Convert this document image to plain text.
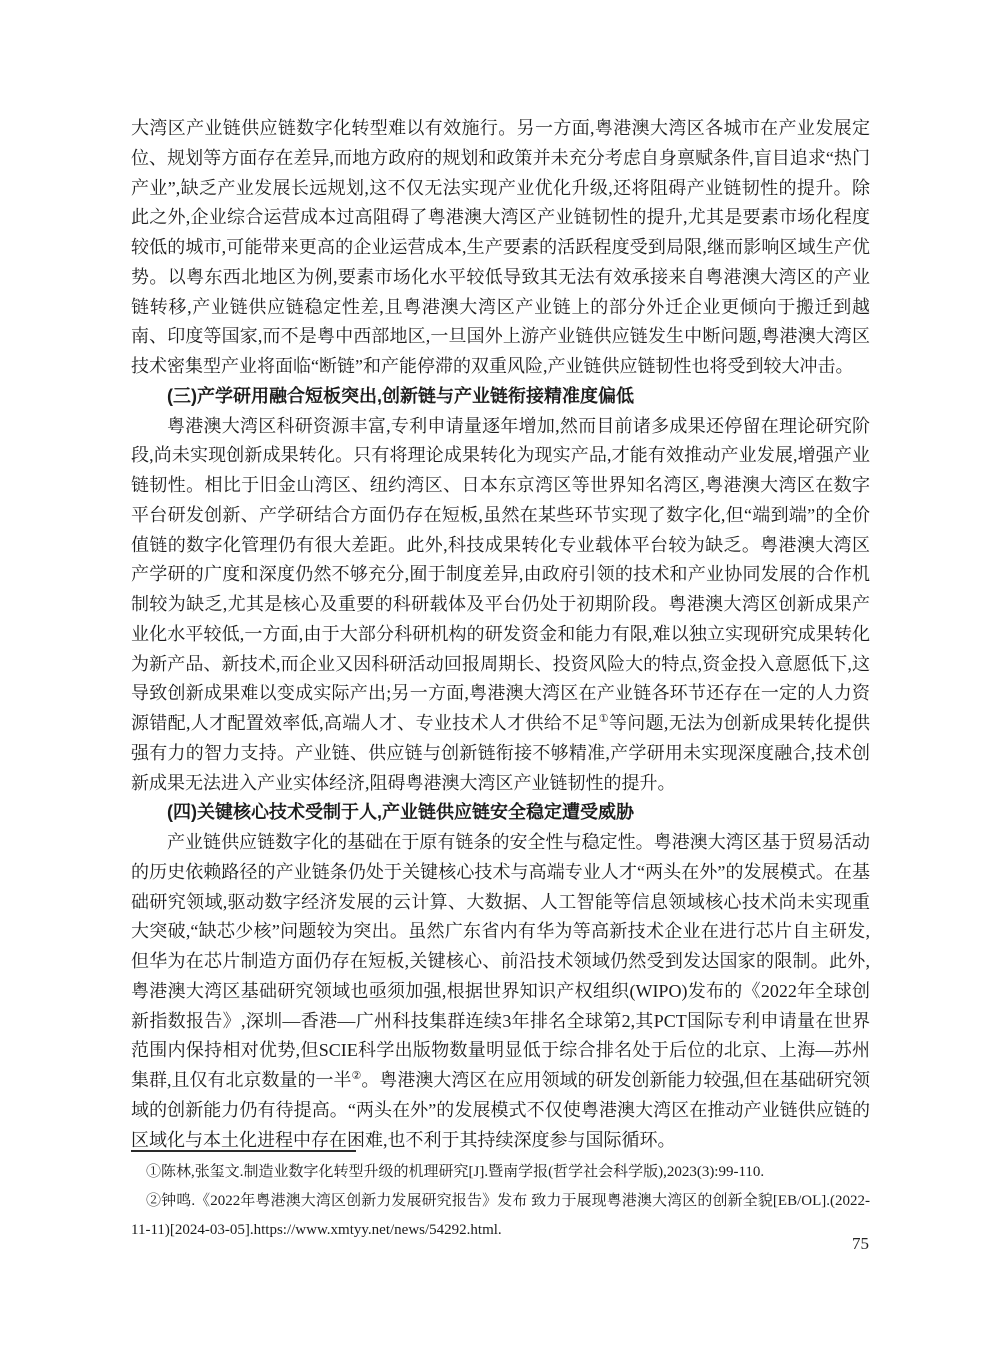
大湾区产业链供应链数字化转型难以有效施行。另一方面,粤港澳大湾区各城市在产业发展定位、规划等方面存在差异,而地方政府的规划和政策并未充分考虑自身禀赋条件,盲目追求“热门产业”,缺乏产业发展长远规划,这不仅无法实现产业优化升级,还将阻碍产业链韧性的提升。除此之外,企业综合运营成本过高阻碍了粤港澳大湾区产业链韧性的提升,尤其是要素市场化程度较低的城市,可能带来更高的企业运营成本,生产要素的活跃程度受到局限,继而影响区域生产优势。以粤东西北地区为例,要素市场化水平较低导致其无法有效承接来自粤港澳大湾区的产业链转移,产业链供应链稳定性差,且粤港澳大湾区产业链上的部分外迁企业更倾向于搬迁到越南、印度等国家,而不是粤中西部地区,一旦国外上游产业链供应链发生中断问题,粤港澳大湾区技术密集型产业将面临“断链”和产能停滞的双重风险,产业链供应链韧性也将受到较大冲击。

(三)产学研用融合短板突出,创新链与产业链衔接精准度偏低

粤港澳大湾区科研资源丰富,专利申请量逐年增加,然而目前诸多成果还停留在理论研究阶段,尚未实现创新成果转化。只有将理论成果转化为现实产品,才能有效推动产业发展,增强产业链韧性。相比于旧金山湾区、纽约湾区、日本东京湾区等世界知名湾区,粤港澳大湾区在数字平台研发创新、产学研结合方面仍存在短板,虽然在某些环节实现了数字化,但“端到端”的全价值链的数字化管理仍有很大差距。此外,科技成果转化专业载体平台较为缺乏。粤港澳大湾区产学研的广度和深度仍然不够充分,囿于制度差异,由政府引领的技术和产业协同发展的合作机制较为缺乏,尤其是核心及重要的科研载体及平台仍处于初期阶段。粤港澳大湾区创新成果产业化水平较低,一方面,由于大部分科研机构的研发资金和能力有限,难以独立实现研究成果转化为新产品、新技术,而企业又因科研活动回报周期长、投资风险大的特点,资金投入意愿低下,这导致创新成果难以变成实际产出;另一方面,粤港澳大湾区在产业链各环节还存在一定的人力资源错配,人才配置效率低,高端人才、专业技术人才供给不足①等问题,无法为创新成果转化提供强有力的智力支持。产业链、供应链与创新链衔接不够精准,产学研用未实现深度融合,技术创新成果无法进入产业实体经济,阻碍粤港澳大湾区产业链韧性的提升。

(四)关键核心技术受制于人,产业链供应链安全稳定遭受威胁

产业链供应链数字化的基础在于原有链条的安全性与稳定性。粤港澳大湾区基于贸易活动的历史依赖路径的产业链条仍处于关键核心技术与高端专业人才“两头在外”的发展模式。在基础研究领域,驱动数字经济发展的云计算、大数据、人工智能等信息领域核心技术尚未实现重大突破,“缺芯少核”问题较为突出。虽然广东省内有华为等高新技术企业在进行芯片自主研发,但华为在芯片制造方面仍存在短板,关键核心、前沿技术领域仍然受到发达国家的限制。此外,粤港澳大湾区基础研究领域也亟须加强,根据世界知识产权组织(WIPO)发布的《2022年全球创新指数报告》,深圳—香港—广州科技集群连续3年排名全球第2,其PCT国际专利申请量在世界范围内保持相对优势,但SCIE科学出版物数量明显低于综合排名处于后位的北京、上海—苏州集群,且仅有北京数量的一半②。粤港澳大湾区在应用领域的研发创新能力较强,但在基础研究领域的创新能力仍有待提高。“两头在外”的发展模式不仅使粤港澳大湾区在推动产业链供应链的区域化与本土化进程中存在困难,也不利于其持续深度参与国际循环。

①陈林,张玺文.制造业数字化转型升级的机理研究[J].暨南学报(哲学社会科学版),2023(3):99-110.

②钟鸣.《2022年粤港澳大湾区创新力发展研究报告》发布 致力于展现粤港澳大湾区的创新全貌[EB/OL].(2022-11-11)[2024-03-05].https://www.xmtyy.net/news/54292.html.

75
